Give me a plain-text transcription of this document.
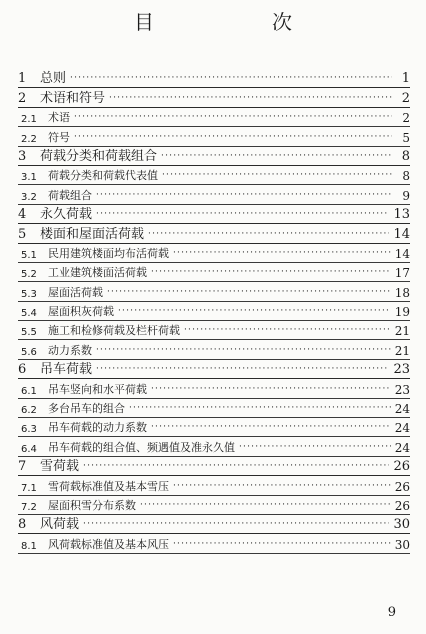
目　　次
1	总则 ·····	1
2	术语和符号 ·····	2
2.1	术语 ·····	2
2.2	符号 ·····	5
3	荷载分类和荷载组合 ·····	8
3.1	荷载分类和荷载代表值 ·····	8
3.2	荷载组合 ·····	9
4	永久荷载 ·····	13
5	楼面和屋面活荷载 ·····	14
5.1	民用建筑楼面均布活荷载 ·····	14
5.2	工业建筑楼面活荷载 ·····	17
5.3	屋面活荷载 ·····	18
5.4	屋面积灰荷载 ·····	19
5.5	施工和检修荷载及栏杆荷载 ·····	21
5.6	动力系数 ·····	21
6	吊车荷载 ·····	23
6.1	吊车竖向和水平荷载 ·····	23
6.2	多台吊车的组合 ·····	24
6.3	吊车荷载的动力系数 ·····	24
6.4	吊车荷载的组合值、频遇值及准永久值 ·····	24
7	雪荷载 ·····	26
7.1	雪荷载标准值及基本雪压 ·····	26
7.2	屋面积雪分布系数 ·····	26
8	风荷载 ·····	30
8.1	风荷载标准值及基本风压 ·····	30
9
